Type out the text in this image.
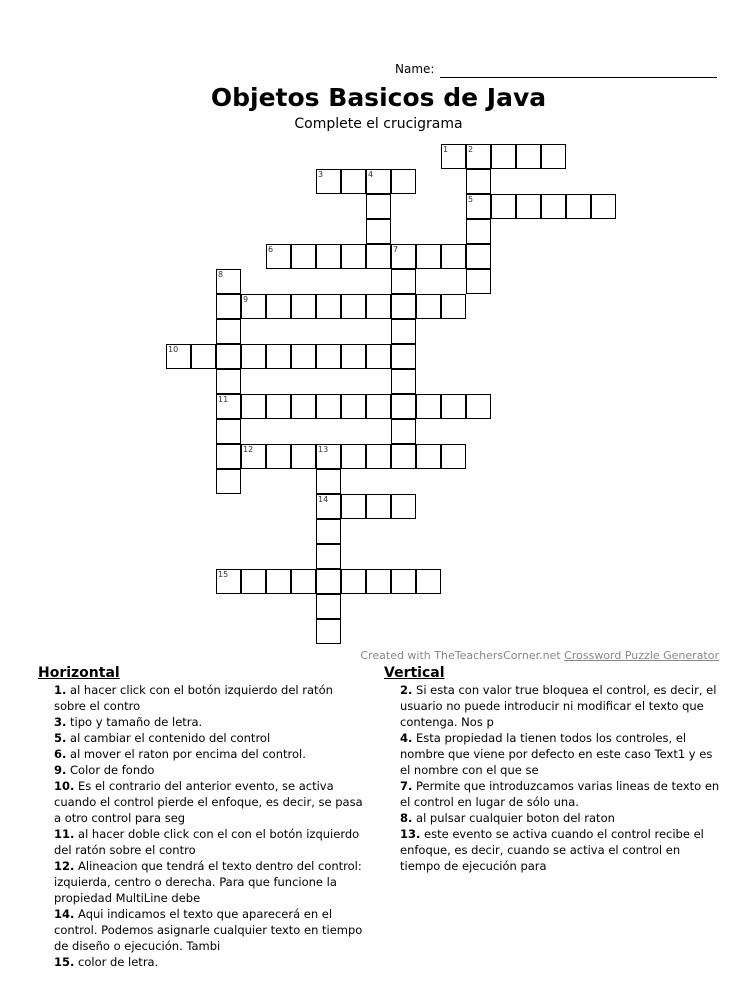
Name:
Objetos Basicos de Java
Complete el crucigrama
1 2
5
3	4
6	7
8
11
9
10
12	13
14
15
Created with TheTeachersCorner.net Crossword Puzzle Generator
Horizontal

1. al hacer click con el botón izquierdo del ratón sobre el contro

3. tipo y tamaño de letra.

5. al cambiar el contenido del control

6. al mover el raton por encima del control.

9. Color de fondo

10. Es el contrario del anterior evento, se activa cuando el control pierde el enfoque, es decir, se pasa a otro control para seg

11. al hacer doble click con el con el botón izquierdo del ratón sobre el contro

12. Alineacion que tendrá el texto dentro del control: izquierda, centro o derecha. Para que funcione la propiedad MultiLine debe

14. Aqui indicamos el texto que aparecerá en el control. Podemos asignarle cualquier texto en tiempo de diseño o ejecución. Tambi

15. color de letra.

Vertical

2. Si esta con valor true bloquea el control, es decir, el usuario no puede introducir ni modificar el texto que contenga. Nos p

4. Esta propiedad la tienen todos los controles, el nombre que viene por defecto en este caso Text1 y es el nombre con el que se

7. Permite que introduzcamos varias lineas de texto en el control en lugar de sólo una.

8. al pulsar cualquier boton del raton

13. este evento se activa cuando el control recibe el enfoque, es decir, cuando se activa el control en tiempo de ejecución para
